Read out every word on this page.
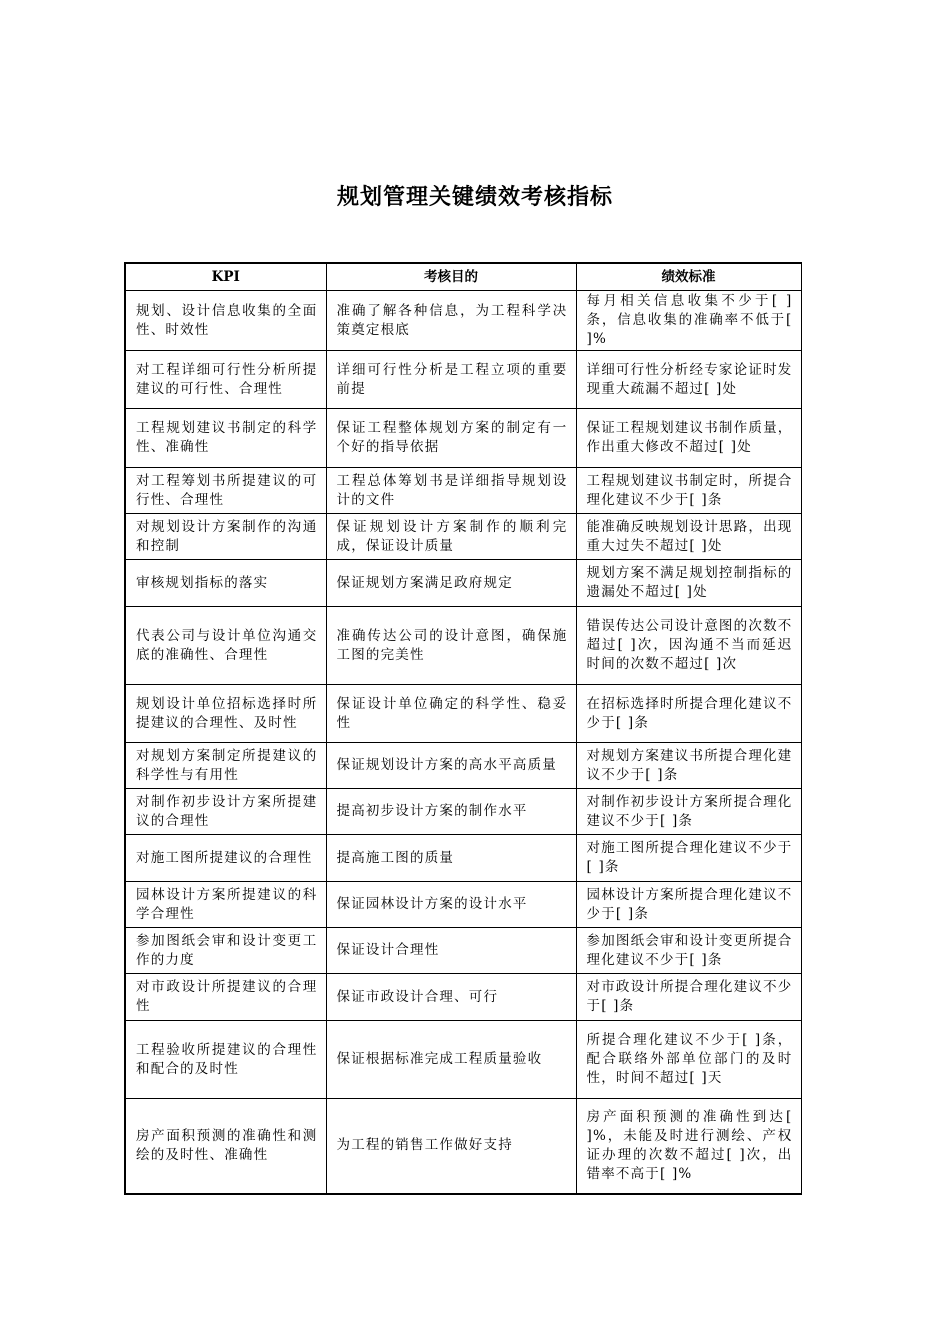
规划管理关键绩效考核指标
KPI	考核目的	绩效标准
规划、设计信息收集的全面性、时效性	准确了解各种信息，为工程科学决策奠定根底	每月相关信息收集不少于[ ]条，信息收集的准确率不低于[ ]%
对工程详细可行性分析所提建议的可行性、合理性	详细可行性分析是工程立项的重要前提	详细可行性分析经专家论证时发现重大疏漏不超过[ ]处
工程规划建议书制定的科学性、准确性	保证工程整体规划方案的制定有一个好的指导依据	保证工程规划建议书制作质量，作出重大修改不超过[ ]处
对工程筹划书所提建议的可行性、合理性	工程总体筹划书是详细指导规划设计的文件	工程规划建议书制定时，所提合理化建议不少于[ ]条
对规划设计方案制作的沟通和控制	保证规划设计方案制作的顺利完成，保证设计质量	能准确反映规划设计思路，出现重大过失不超过[ ]处
审核规划指标的落实	保证规划方案满足政府规定	规划方案不满足规划控制指标的遗漏处不超过[ ]处
代表公司与设计单位沟通交底的准确性、合理性	准确传达公司的设计意图，确保施工图的完美性	错误传达公司设计意图的次数不超过[ ]次，因沟通不当而延迟时间的次数不超过[ ]次
规划设计单位招标选择时所提建议的合理性、及时性	保证设计单位确定的科学性、稳妥性	在招标选择时所提合理化建议不少于[ ]条
对规划方案制定所提建议的科学性与有用性	保证规划设计方案的高水平高质量	对规划方案建议书所提合理化建议不少于[ ]条
对制作初步设计方案所提建议的合理性	提高初步设计方案的制作水平	对制作初步设计方案所提合理化建议不少于[ ]条
对施工图所提建议的合理性	提高施工图的质量	对施工图所提合理化建议不少于[ ]条
园林设计方案所提建议的科学合理性	保证园林设计方案的设计水平	园林设计方案所提合理化建议不少于[ ]条
参加图纸会审和设计变更工作的力度	保证设计合理性	参加图纸会审和设计变更所提合理化建议不少于[ ]条
对市政设计所提建议的合理性	保证市政设计合理、可行	对市政设计所提合理化建议不少于[ ]条
工程验收所提建议的合理性和配合的及时性	保证根据标准完成工程质量验收	所提合理化建议不少于[ ]条，配合联络外部单位部门的及时性，时间不超过[ ]天
房产面积预测的准确性和测绘的及时性、准确性	为工程的销售工作做好支持	房产面积预测的准确性到达[ ]%，未能及时进行测绘、产权证办理的次数不超过[ ]次，出错率不高于[ ]%
